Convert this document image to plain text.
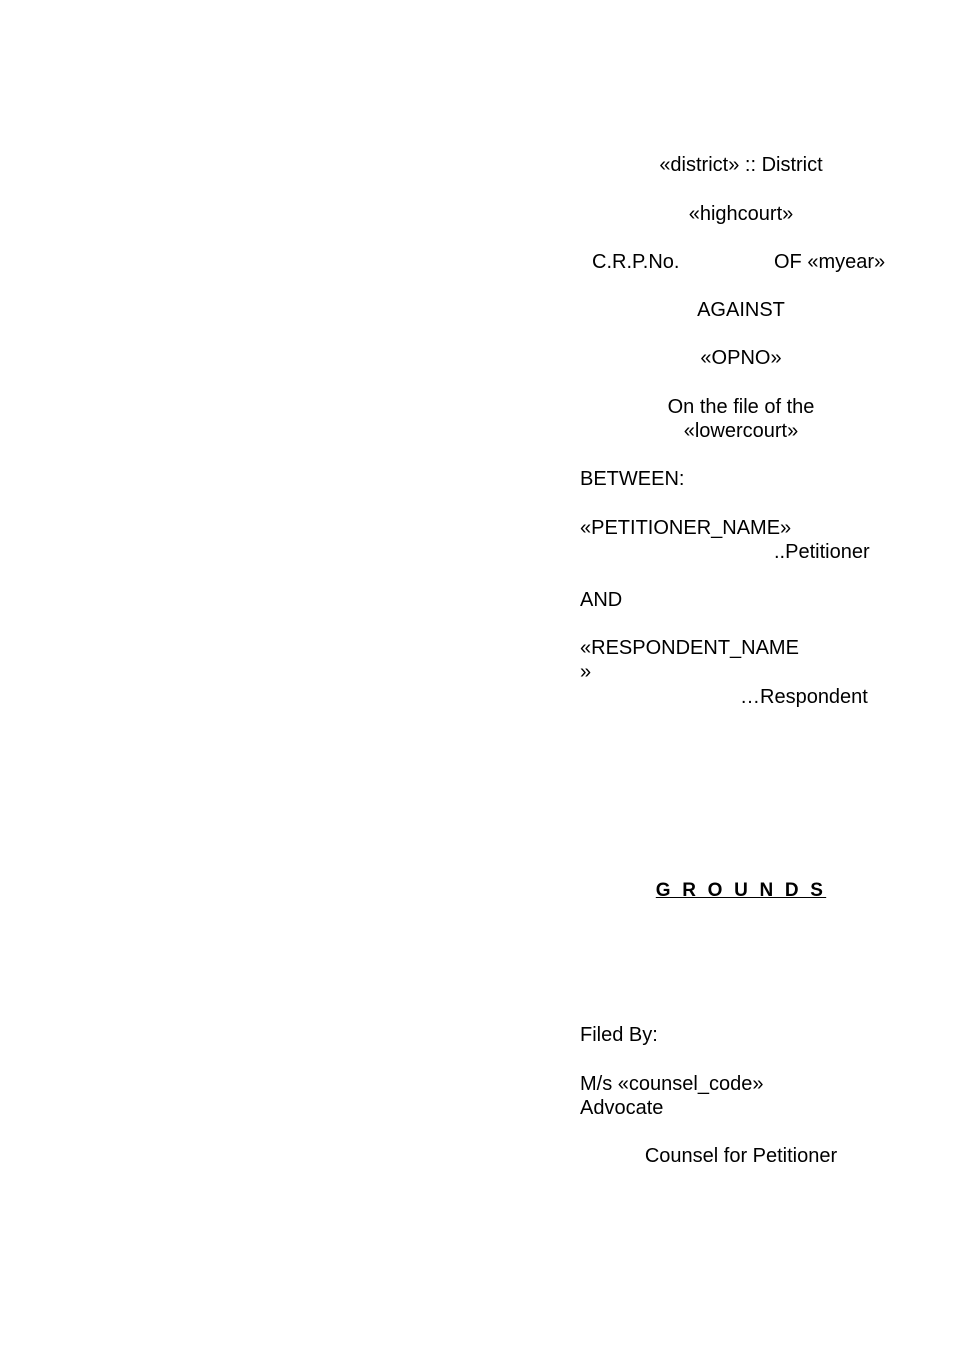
«district» :: District
«highcourt»
C.R.P.No.	OF «myear»
AGAINST
«OPNO»
On the file of the
«lowercourt»
BETWEEN:
«PETITIONER_NAME»
..Petitioner
AND
«RESPONDENT_NAME
»
…Respondent
G R O U N D S
Filed By:
M/s «counsel_code»
Advocate
Counsel for Petitioner
